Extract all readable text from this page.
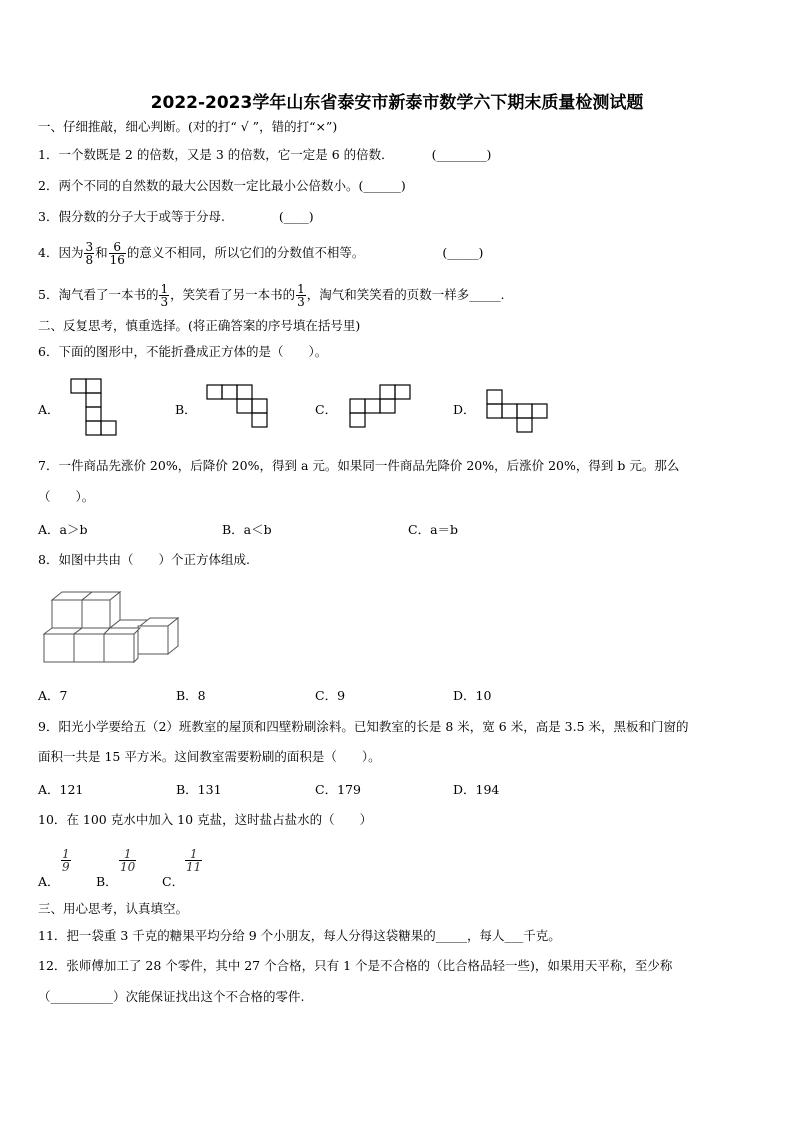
2022-2023学年山东省泰安市新泰市数学六下期末质量检测试题
一、仔细推敲，细心判断。(对的打“ √ ”，错的打“×”)
1．一个数既是 2 的倍数，又是 3 的倍数，它一定是 6 的倍数．	(________)
2．两个不同的自然数的最大公因数一定比最小公倍数小。(______)
3．假分数的分子大于或等于分母.	(____)
4．因为 $\frac{3}{8}$ 和 $\frac{6}{16}$ 的意义不相同，所以它们的分数值不相等。	(_____)
5．淘气看了一本书的 $\frac{1}{3}$ ，笑笑看了另一本书的 $\frac{1}{3}$ ，淘气和笑笑看的页数一样多_____.
二、反复思考，慎重选择。(将正确答案的序号填在括号里)
6．下面的图形中，不能折叠成正方体的是（　　）。
A．	B．	C．	D．
7．一件商品先涨价 20%，后降价 20%，得到 a 元。如果同一件商品先降价 20%，后涨价 20%，得到 b 元。那么
（　　）。
A．a＞b	B．a＜b	C．a＝b
8．如图中共由（　　）个正方体组成.
A．7	B．8	C．9	D．10
9．阳光小学要给五（2）班教室的屋顶和四壁粉刷涂料。已知教室的长是 8 米，宽 6 米，高是 3.5 米，黑板和门窗的
面积一共是 15 平方米。这间教室需要粉刷的面积是（　　）。
A．121	B．131	C．179	D．194
10．在 100 克水中加入 10 克盐，这时盐占盐水的（　　）
A．
$\frac{1}{9}$
B．
$\frac{1}{10}$
C．
$\frac{1}{11}$
三、用心思考，认真填空。
11．把一袋重 3 千克的糖果平均分给 9 个小朋友，每人分得这袋糖果的_____，每人___千克。
12．张师傅加工了 28 个零件，其中 27 个合格，只有 1 个是不合格的（比合格品轻一些)，如果用天平称，至少称
（__________）次能保证找出这个不合格的零件.
